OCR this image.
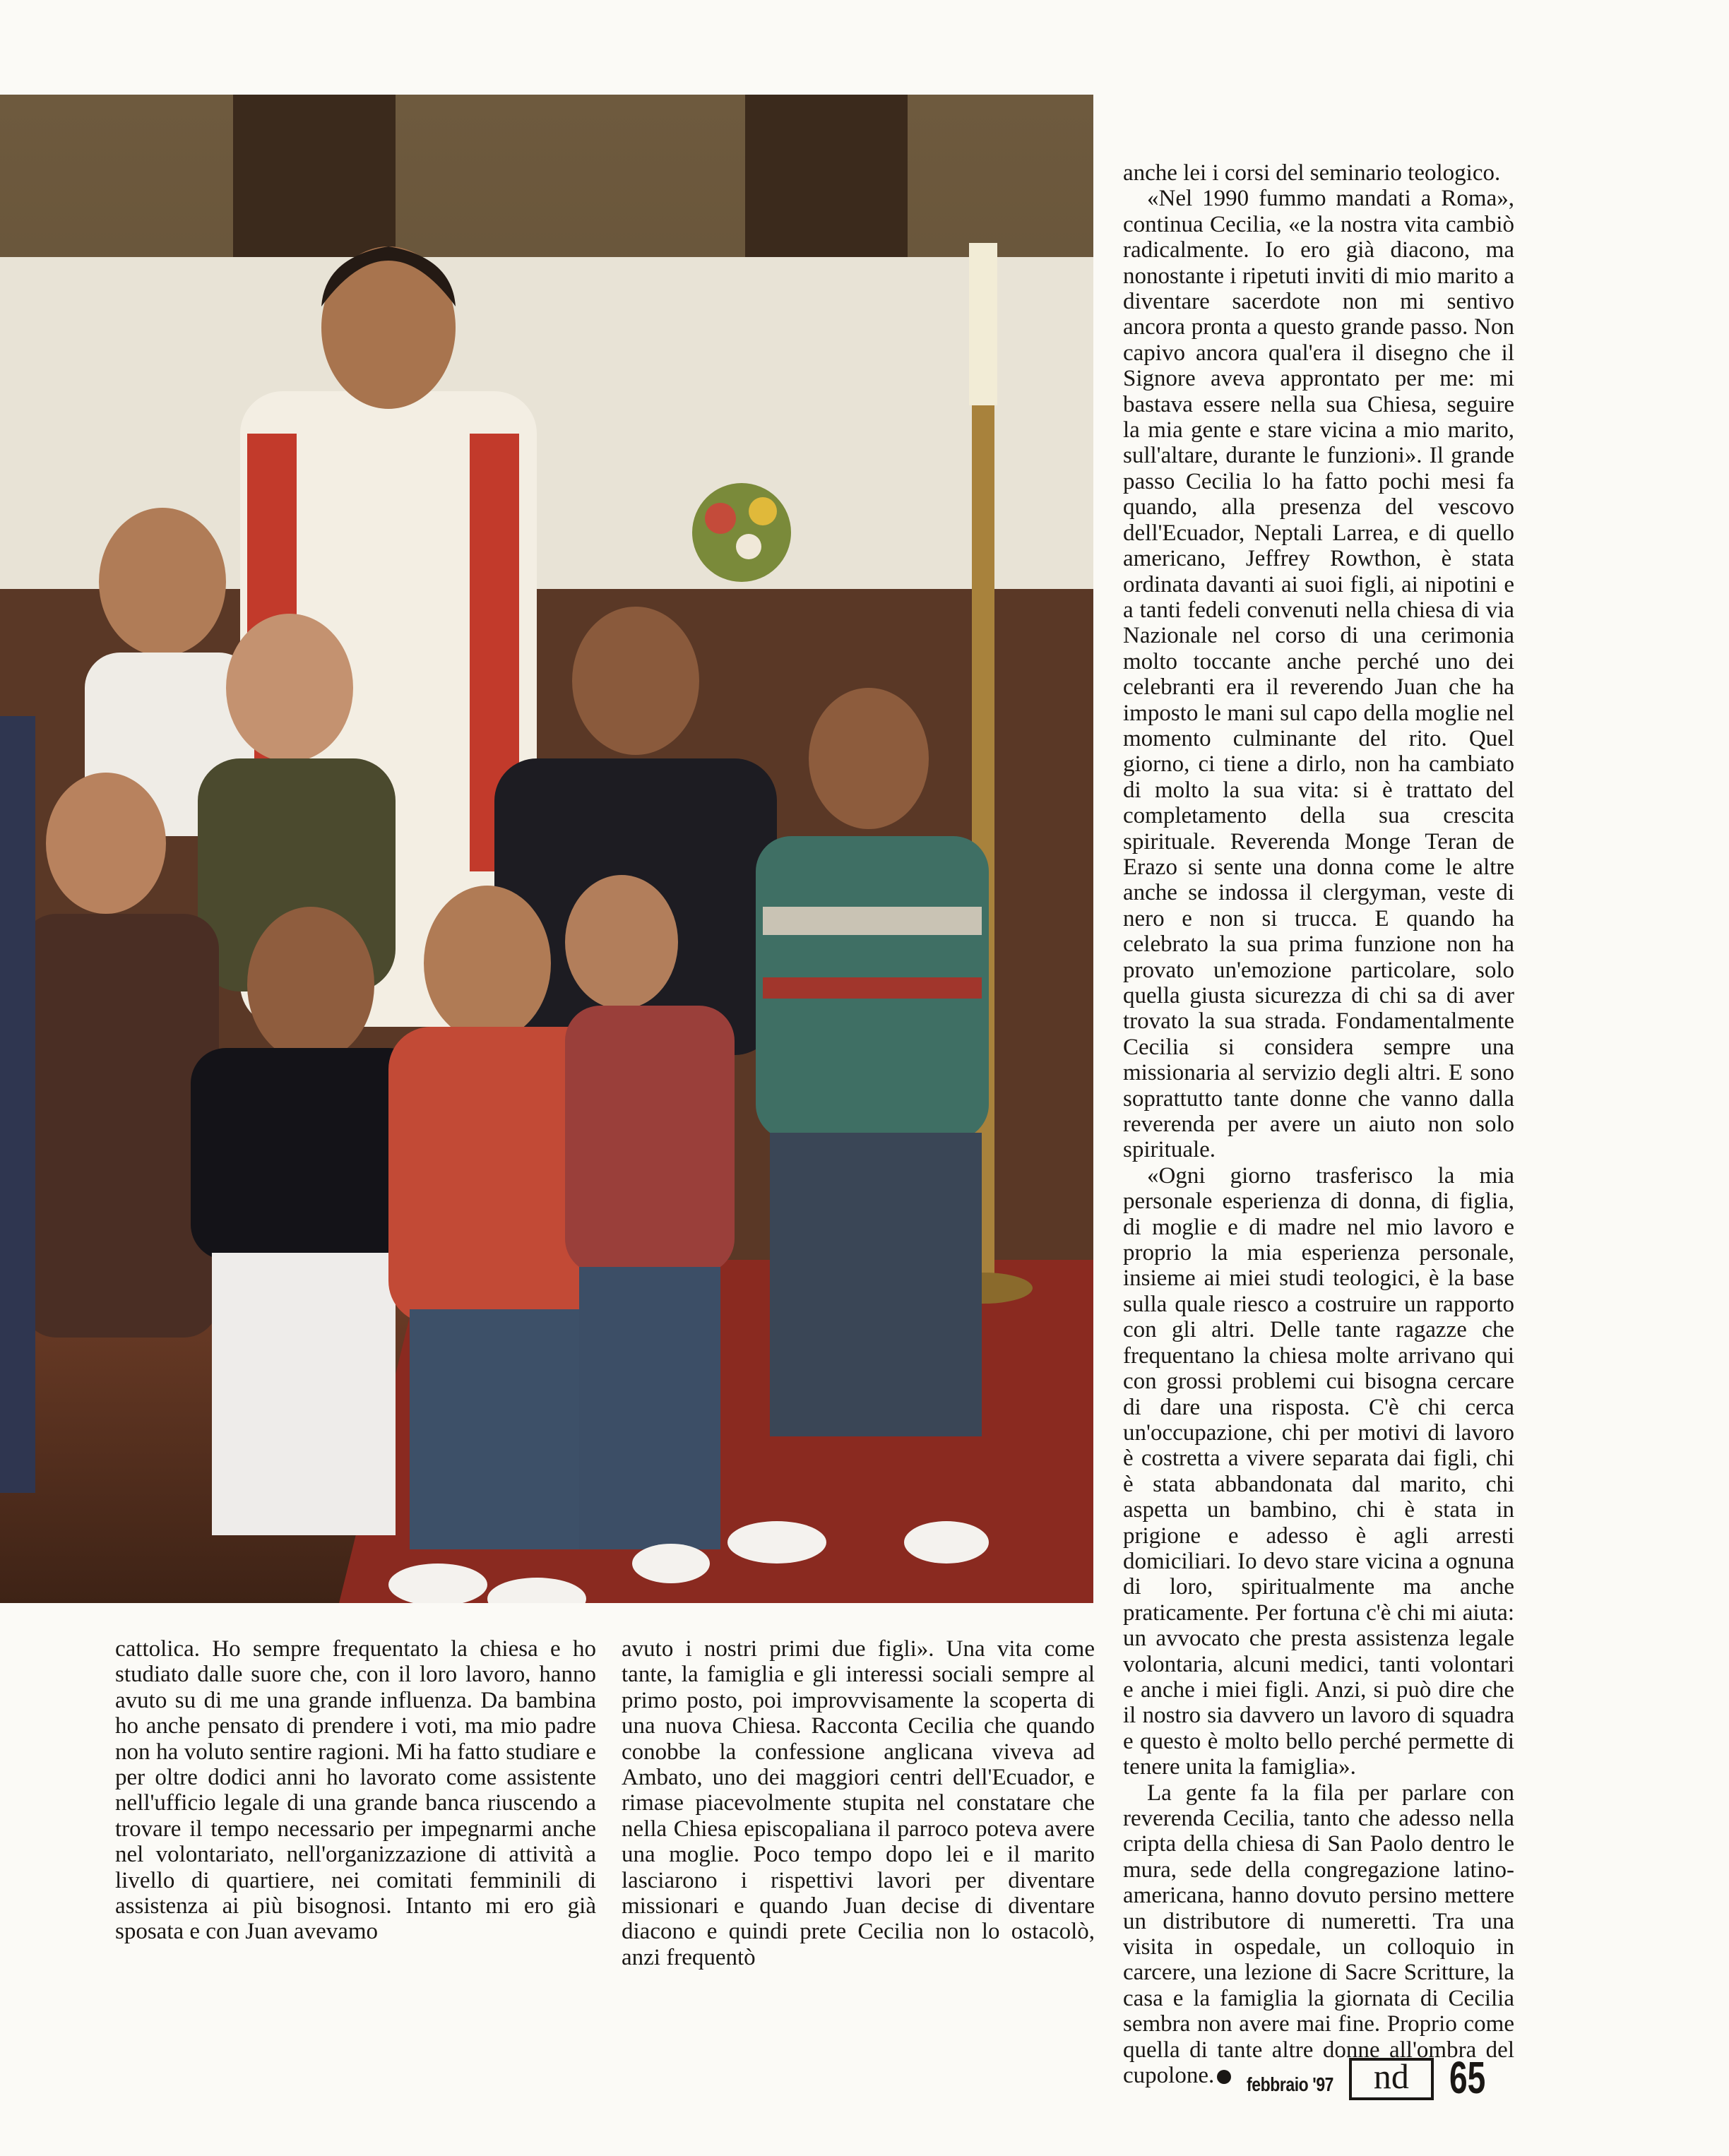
anche lei i corsi del seminario teologico.

«Nel 1990 fummo mandati a Roma», continua Cecilia, «e la nostra vita cambiò radicalmente. Io ero già diacono, ma nonostante i ripetuti inviti di mio marito a diventare sacerdote non mi sentivo ancora pronta a questo grande passo. Non capivo ancora qual'era il disegno che il Signore aveva approntato per me: mi bastava essere nella sua Chiesa, seguire la mia gente e stare vicina a mio marito, sull'altare, durante le funzioni». Il grande passo Cecilia lo ha fatto pochi mesi fa quando, alla presenza del vescovo dell'Ecuador, Neptali Larrea, e di quello americano, Jeffrey Rowthon, è stata ordinata davanti ai suoi figli, ai nipotini e a tanti fedeli convenuti nella chiesa di via Nazionale nel corso di una cerimonia molto toccante anche perché uno dei celebranti era il reverendo Juan che ha imposto le mani sul capo della moglie nel momento culminante del rito. Quel giorno, ci tiene a dirlo, non ha cambiato di molto la sua vita: si è trattato del completamento della sua crescita spirituale. Reverenda Monge Teran de Erazo si sente una donna come le altre anche se indossa il clergyman, veste di nero e non si trucca. E quando ha celebrato la sua prima funzione non ha provato un'emozione particolare, solo quella giusta sicurezza di chi sa di aver trovato la sua strada. Fondamentalmente Cecilia si considera sempre una missionaria al servizio degli altri. E sono soprattutto tante donne che vanno dalla reverenda per avere un aiuto non solo spirituale.

«Ogni giorno trasferisco la mia personale esperienza di donna, di figlia, di moglie e di madre nel mio lavoro e proprio la mia esperienza personale, insieme ai miei studi teologici, è la base sulla quale riesco a costruire un rapporto con gli altri. Delle tante ragazze che frequentano la chiesa molte arrivano qui con grossi problemi cui bisogna cercare di dare una risposta. C'è chi cerca un'occupazione, chi per motivi di lavoro è costretta a vivere separata dai figli, chi è stata abbandonata dal marito, chi aspetta un bambino, chi è stata in prigione e adesso è agli arresti domiciliari. Io devo stare vicina a ognuna di loro, spiritualmente ma anche praticamente. Per fortuna c'è chi mi aiuta: un avvocato che presta assistenza legale volontaria, alcuni medici, tanti volontari e anche i miei figli. Anzi, si può dire che il nostro sia davvero un lavoro di squadra e questo è molto bello perché permette di tenere unita la famiglia».

La gente fa la fila per parlare con reverenda Cecilia, tanto che adesso nella cripta della chiesa di San Paolo dentro le mura, sede della congregazione latino-americana, hanno dovuto persino mettere un distributore di numeretti. Tra una visita in ospedale, un colloquio in carcere, una lezione di Sacre Scritture, la casa e la famiglia la giornata di Cecilia sembra non avere mai fine. Proprio come quella di tante altre donne all'ombra del cupolone.

cattolica. Ho sempre frequentato la chiesa e ho studiato dalle suore che, con il loro lavoro, hanno avuto su di me una grande influenza. Da bambina ho anche pensato di prendere i voti, ma mio padre non ha voluto sentire ragioni. Mi ha fatto studiare e per oltre dodici anni ho lavorato come assistente nell'ufficio legale di una grande banca riuscendo a trovare il tempo necessario per impegnarmi anche nel volontariato, nell'organizzazione di attività a livello di quartiere, nei comitati femminili di assistenza ai più bisognosi. Intanto mi ero già sposata e con Juan avevamo

avuto i nostri primi due figli». Una vita come tante, la famiglia e gli interessi sociali sempre al primo posto, poi improvvisamente la scoperta di una nuova Chiesa. Racconta Cecilia che quando conobbe la confessione anglicana viveva ad Ambato, uno dei maggiori centri dell'Ecuador, e rimase piacevolmente stupita nel constatare che nella Chiesa episcopaliana il parroco poteva avere una moglie. Poco tempo dopo lei e il marito lasciarono i rispettivi lavori per diventare missionari e quando Juan decise di diventare diacono e quindi prete Cecilia non lo ostacolò, anzi frequentò

febbraio '97	nd 65
